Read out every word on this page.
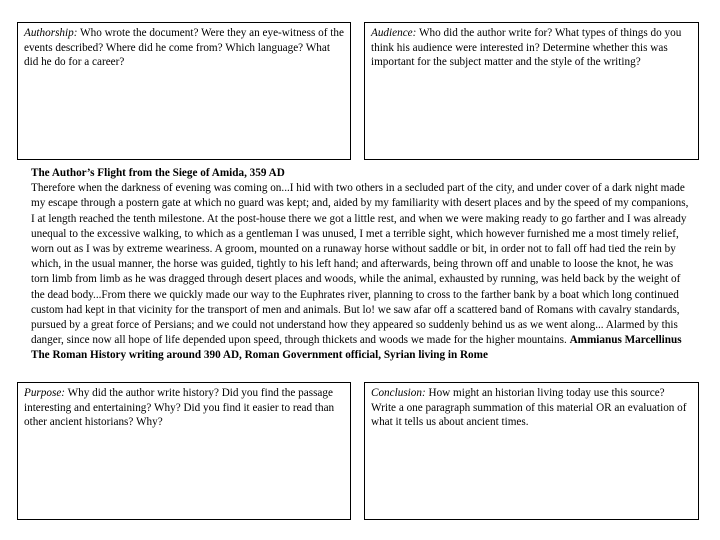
Authorship: Who wrote the document? Were they an eye-witness of the events described? Where did he come from? Which language? What did he do for a career?
Audience: Who did the author write for? What types of things do you think his audience were interested in? Determine whether this was important for the subject matter and the style of the writing?
The Author’s Flight from the Siege of Amida, 359 AD
Therefore when the darkness of evening was coming on...I hid with two others in a secluded part of the city, and under cover of a dark night made my escape through a postern gate at which no guard was kept; and, aided by my familiarity with desert places and by the speed of my companions, I at length reached the tenth milestone. At the post-house there we got a little rest, and when we were making ready to go farther and I was already unequal to the excessive walking, to which as a gentleman I was unused, I met a terrible sight, which however furnished me a most timely relief, worn out as I was by extreme weariness. A groom, mounted on a runaway horse without saddle or bit, in order not to fall off had tied the rein by which, in the usual manner, the horse was guided, tightly to his left hand; and afterwards, being thrown off and unable to loose the knot, he was torn limb from limb as he was dragged through desert places and woods, while the animal, exhausted by running, was held back by the weight of the dead body...From there we quickly made our way to the Euphrates river, planning to cross to the farther bank by a boat which long continued custom had kept in that vicinity for the transport of men and animals. But lo! we saw afar off a scattered band of Romans with cavalry standards, pursued by a great force of Persians; and we could not understand how they appeared so suddenly behind us as we went along... Alarmed by this danger, since now all hope of life depended upon speed, through thickets and woods we made for the higher mountains. Ammianus Marcellinus The Roman History writing around 390 AD, Roman Government official, Syrian living in Rome
Purpose: Why did the author write history? Did you find the passage interesting and entertaining? Why? Did you find it easier to read than other ancient historians? Why?
Conclusion: How might an historian living today use this source? Write a one paragraph summation of this material OR an evaluation of what it tells us about ancient times.
